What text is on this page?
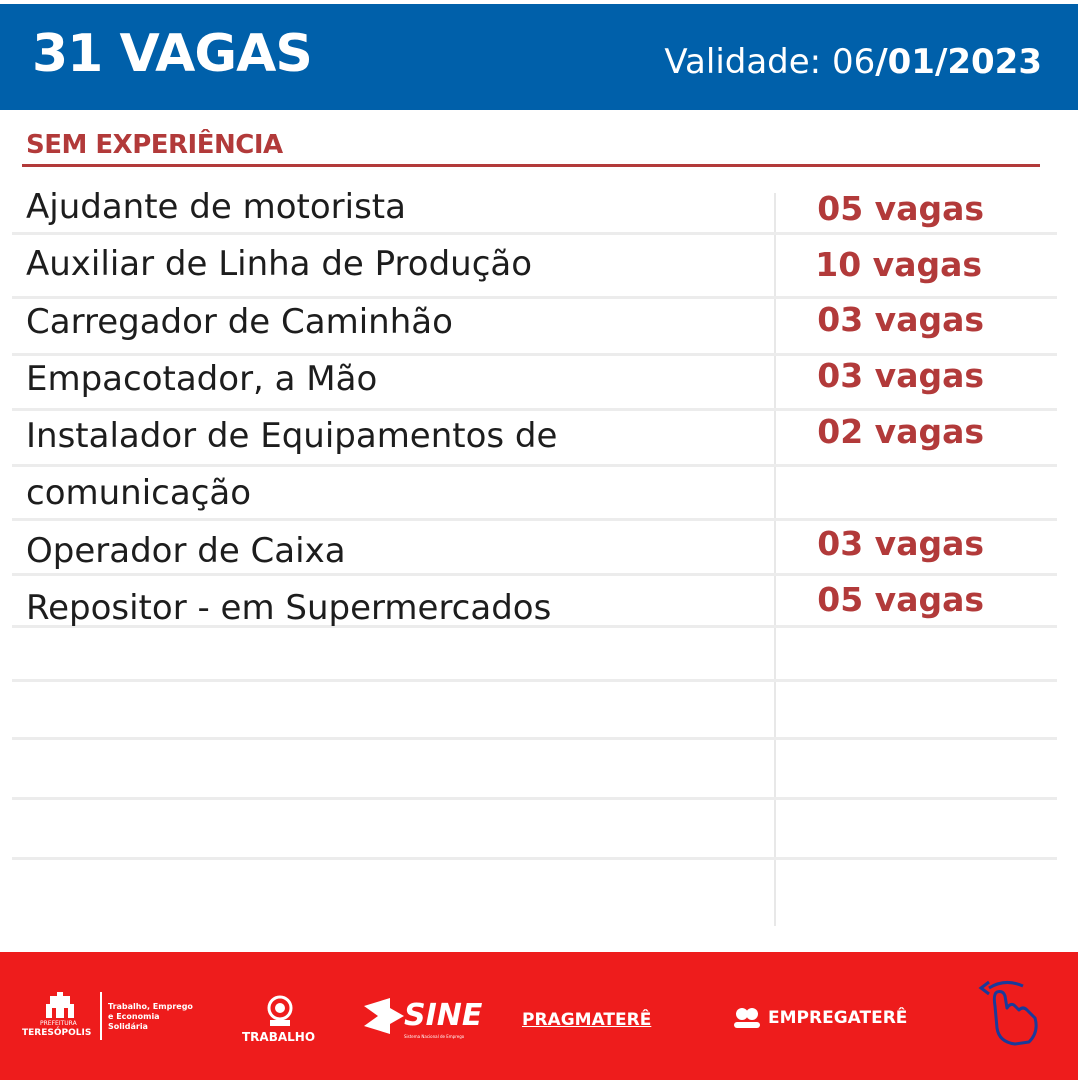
31 VAGAS	Validade: 06/01/2023
SEM EXPERIÊNCIA
Ajudante de motorista	05 vagas
Auxiliar de Linha de Produção	10 vagas
Carregador de Caminhão	03 vagas
Empacotador, a Mão	03 vagas
Instalador de Equipamentos de
comunicação
02 vagas
Operador de Caixa	03 vagas
Repositor - em Supermercados	05 vagas
PREFEITURA
TERESÓPOLIS
Trabalho, Emprego e Economia Solidária
TRABALHO
SINE
Sistema Nacional de Emprego
PRAGMATERÊ	EMPREGATERÊ
